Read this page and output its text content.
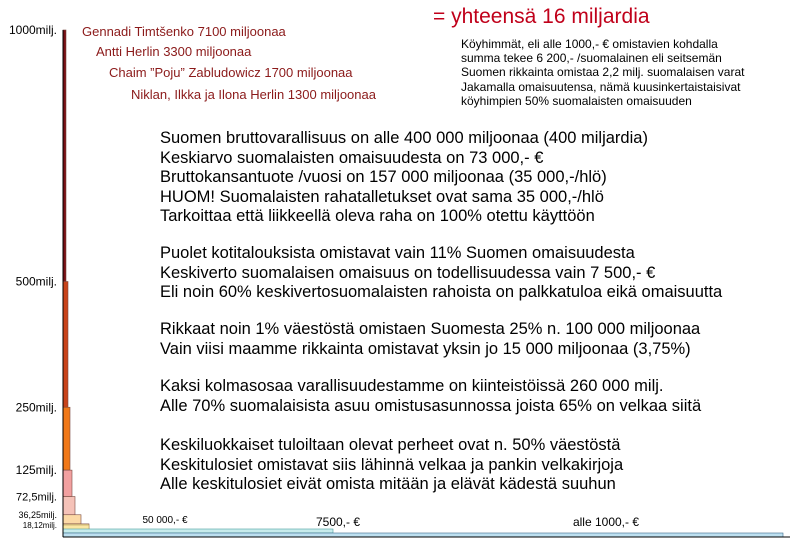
1000milj.
500milj.
250milj.
125milj.
72,5milj.
36,25milj.
18,12milj.	50 000,- €	7500,- €	alle 1000,- €
Gennadi Timtšenko 7100 miljoonaa
Antti Herlin 3300 miljoonaa
Chaim ”Poju” Zabludowicz 1700 miljoonaa
Niklan, Ilkka ja Ilona Herlin 1300 miljoonaa
= yhteensä 16 miljardia
Köyhimmät, eli alle 1000,- € omistavien kohdalla
summa tekee 6 200,- /suomalainen eli seitsemän
Suomen rikkainta omistaa 2,2 milj. suomalaisen varat
Jakamalla omaisuutensa, nämä kuusinkertaistaisivat
köyhimpien 50% suomalaisten omaisuuden
Suomen bruttovarallisuus on alle 400 000 miljoonaa (400 miljardia)
Keskiarvo suomalaisten omaisuudesta on 73 000,- €
Bruttokansantuote /vuosi on 157 000 miljoonaa (35 000,-/hlö)
HUOM! Suomalaisten rahatalletukset ovat sama 35 000,-/hlö
Tarkoittaa että liikkeellä oleva raha on 100% otettu käyttöön
Puolet kotitalouksista omistavat vain 11% Suomen omaisuudesta
Keskiverto suomalaisen omaisuus on todellisuudessa vain 7 500,- €
Eli noin 60% keskivertosuomalaisten rahoista on palkkatuloa eikä omaisuutta
Rikkaat noin 1% väestöstä omistaen Suomesta 25% n. 100 000 miljoonaa
Vain viisi maamme rikkainta omistavat yksin jo 15 000 miljoonaa (3,75%)
Kaksi kolmasosaa varallisuudestamme on kiinteistöissä 260 000 milj.
Alle 70% suomalaisista asuu omistusasunnossa joista 65% on velkaa siitä
Keskiluokkaiset tuloiltaan olevat perheet ovat n. 50% väestöstä
Keskitulosiet omistavat siis lähinnä velkaa ja pankin velkakirjoja
Alle keskitulosiet eivät omista mitään ja elävät kädestä suuhun
